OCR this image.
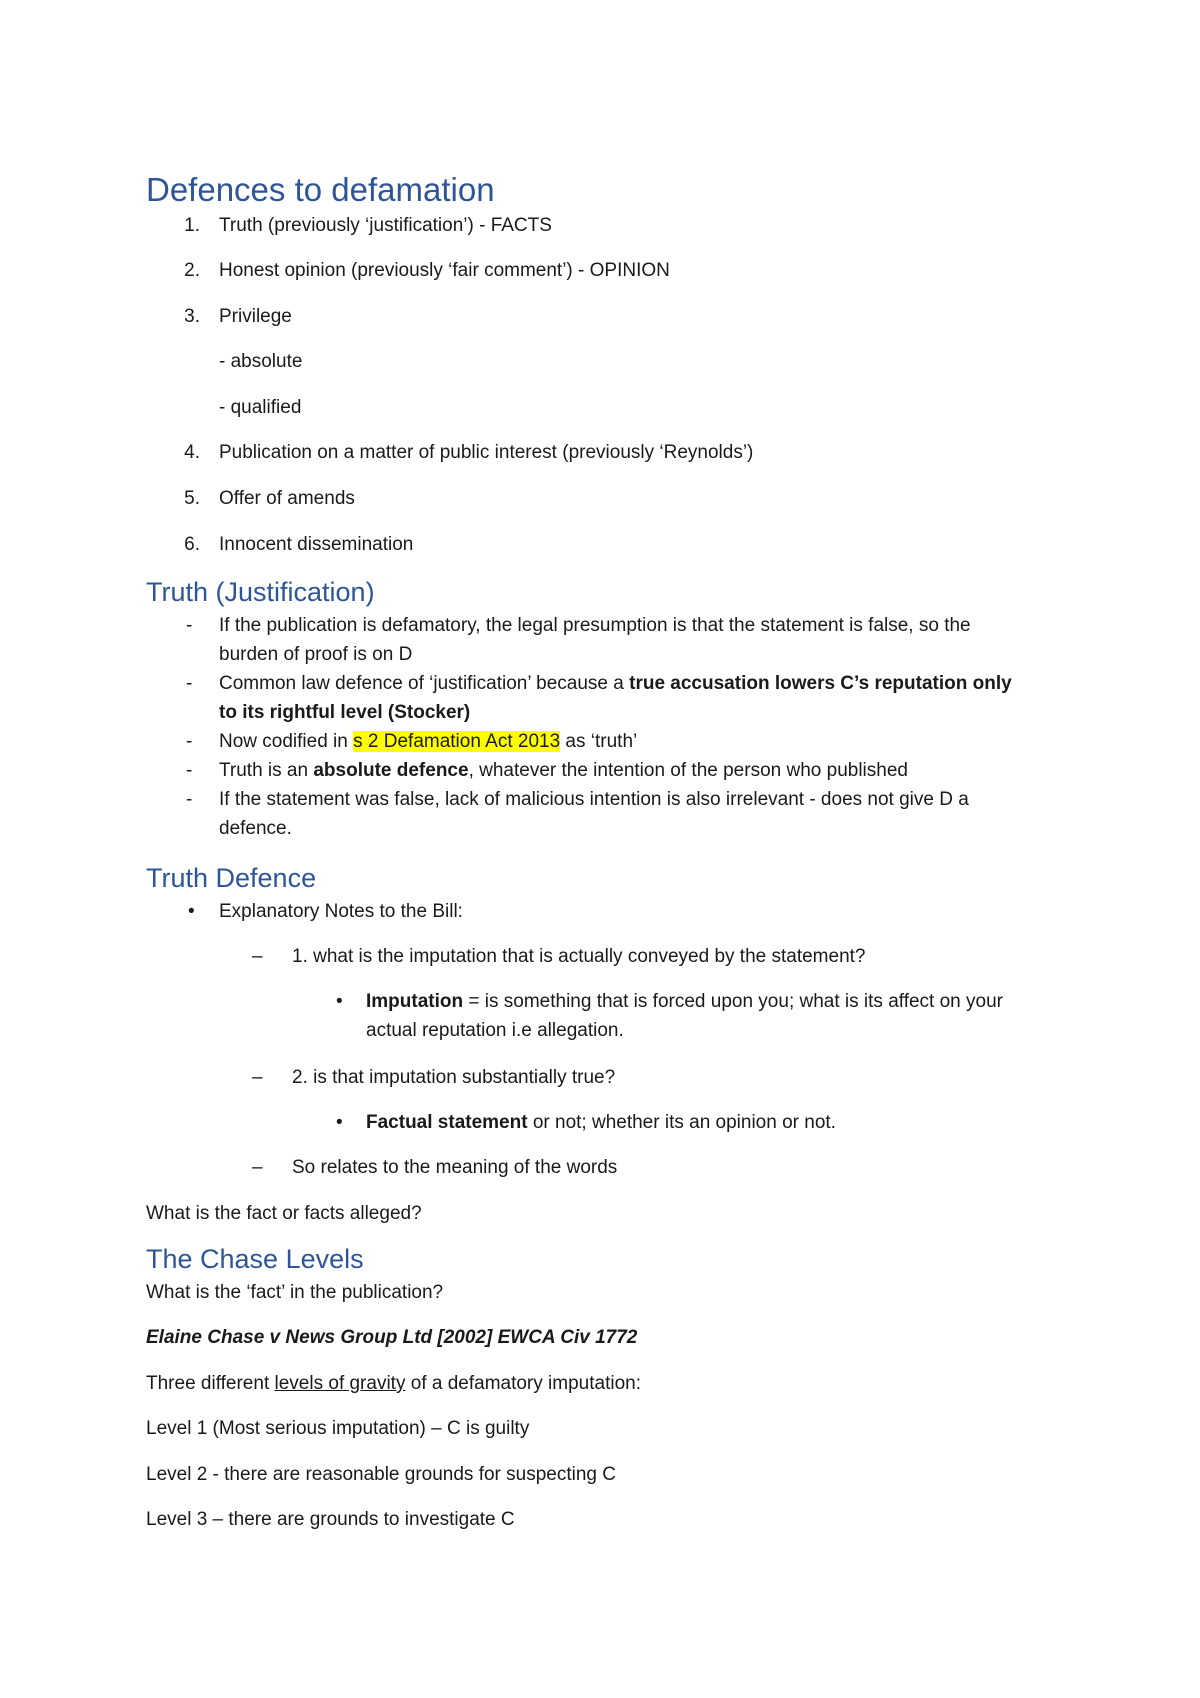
Defences to defamation
1. Truth (previously ‘justification’) - FACTS
2. Honest opinion (previously ‘fair comment’) - OPINION
3. Privilege
- absolute
- qualified
4. Publication on a matter of public interest (previously ‘Reynolds’)
5. Offer of amends
6. Innocent dissemination
Truth (Justification)
- If the publication is defamatory, the legal presumption is that the statement is false, so the
burden of proof is on D
- Common law defence of ‘justification’ because a true accusation lowers C’s reputation only
to its rightful level (Stocker)
- Now codified in s 2 Defamation Act 2013 as ‘truth’
- Truth is an absolute defence, whatever the intention of the person who published
- If the statement was false, lack of malicious intention is also irrelevant - does not give D a
defence.
Truth Defence
• Explanatory Notes to the Bill:
– 1. what is the imputation that is actually conveyed by the statement?
• Imputation = is something that is forced upon you; what is its affect on your
actual reputation i.e allegation.
– 2. is that imputation substantially true?
• Factual statement or not; whether its an opinion or not.
– So relates to the meaning of the words
What is the fact or facts alleged?
The Chase Levels
What is the ‘fact’ in the publication?
Elaine Chase v News Group Ltd [2002] EWCA Civ 1772
Three different levels of gravity of a defamatory imputation:
Level 1 (Most serious imputation) – C is guilty
Level 2 - there are reasonable grounds for suspecting C
Level 3 – there are grounds to investigate C
